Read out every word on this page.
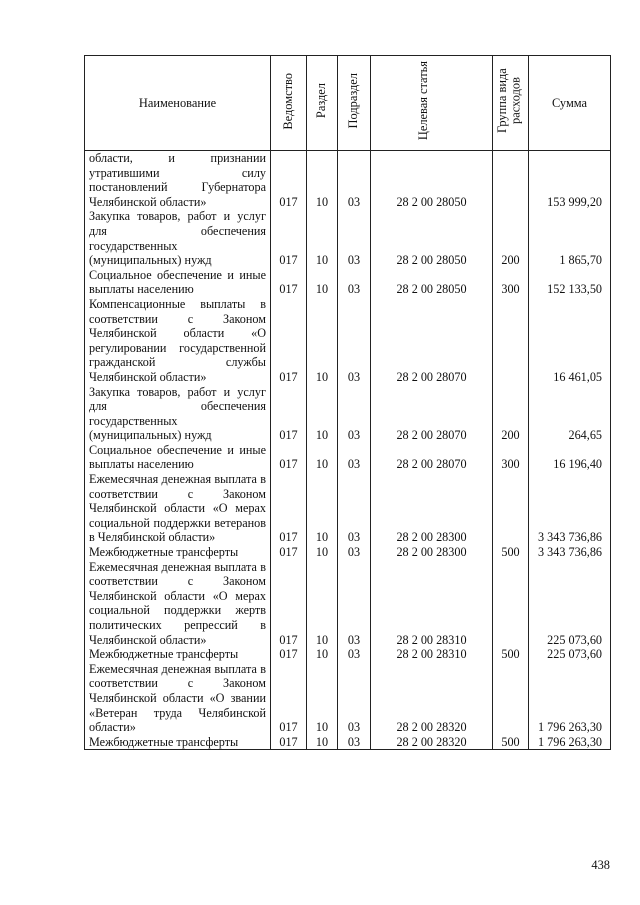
Наименование	Ведомство	Раздел	Подраздел	Целевая статья	Группа вида расходов	Сумма
области, и признании утратившими силу постановлений Губернатора Челябинской области»	017	10	03	28 2 00 28050		153 999,20
Закупка товаров, работ и услуг для обеспечения государственных (муниципальных) нужд	017	10	03	28 2 00 28050	200	1 865,70
Социальное обеспечение и иные выплаты населению	017	10	03	28 2 00 28050	300	152 133,50
Компенсационные выплаты в соответствии с Законом Челябинской области «О регулировании государственной гражданской службы Челябинской области»	017	10	03	28 2 00 28070		16 461,05
Закупка товаров, работ и услуг для обеспечения государственных (муниципальных) нужд	017	10	03	28 2 00 28070	200	264,65
Социальное обеспечение и иные выплаты населению	017	10	03	28 2 00 28070	300	16 196,40
Ежемесячная денежная выплата в соответствии с Законом Челябинской области «О мерах социальной поддержки ветеранов в Челябинской области»	017	10	03	28 2 00 28300		3 343 736,86
Межбюджетные трансферты	017	10	03	28 2 00 28300	500	3 343 736,86
Ежемесячная денежная выплата в соответствии с Законом Челябинской области «О мерах социальной поддержки жертв политических репрессий в Челябинской области»	017	10	03	28 2 00 28310		225 073,60
Межбюджетные трансферты	017	10	03	28 2 00 28310	500	225 073,60
Ежемесячная денежная выплата в соответствии с Законом Челябинской области «О звании «Ветеран труда Челябинской области»	017	10	03	28 2 00 28320		1 796 263,30
Межбюджетные трансферты	017	10	03	28 2 00 28320	500	1 796 263,30
438
